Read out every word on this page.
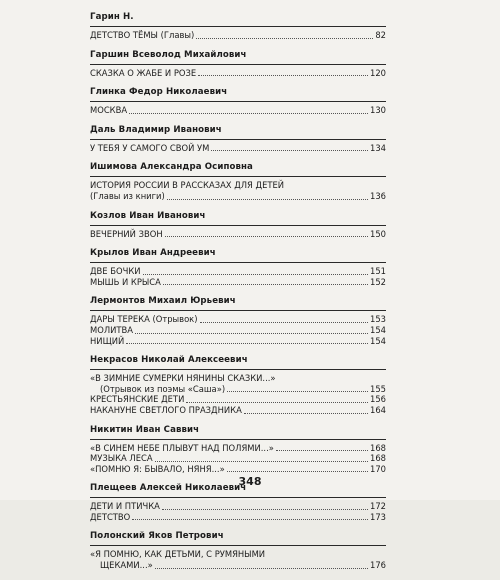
Гарин Н.
ДЕТСТВО ТЁМЫ (Главы)	82
Гаршин Всеволод Михайлович
СКАЗКА О ЖАБЕ И РОЗЕ	120
Глинка Федор Николаевич
МОСКВА	130
Даль Владимир Иванович
У ТЕБЯ У САМОГО СВОЙ УМ	134
Ишимова Александра Осиповна
ИСТОРИЯ РОССИИ В РАССКАЗАХ ДЛЯ ДЕТЕЙ
(Главы из книги)	136
Козлов Иван Иванович
ВЕЧЕРНИЙ ЗВОН	150
Крылов Иван Андреевич
ДВЕ БОЧКИ	151
МЫШЬ И КРЫСА	152
Лермонтов Михаил Юрьевич
ДАРЫ ТЕРЕКА (Отрывок)	153
МОЛИТВА	154
НИЩИЙ	154
Некрасов Николай Алексеевич
«В ЗИМНИЕ СУМЕРКИ НЯНИНЫ СКАЗКИ...»
(Отрывок из поэмы «Саша»)	155
КРЕСТЬЯНСКИЕ ДЕТИ	156
НАКАНУНЕ СВЕТЛОГО ПРАЗДНИКА	164
Никитин Иван Саввич
«В СИНЕМ НЕБЕ ПЛЫВУТ НАД ПОЛЯМИ...»	168
МУЗЫКА ЛЕСА	168
«ПОМНЮ Я: БЫВАЛО, НЯНЯ...»	170
Плещеев Алексей Николаевич
ДЕТИ И ПТИЧКА	172
ДЕТСТВО	173
Полонский Яков Петрович
«Я ПОМНЮ, КАК ДЕТЬМИ, С РУМЯНЫМИ
ЩЕКАМИ...»	176
348
